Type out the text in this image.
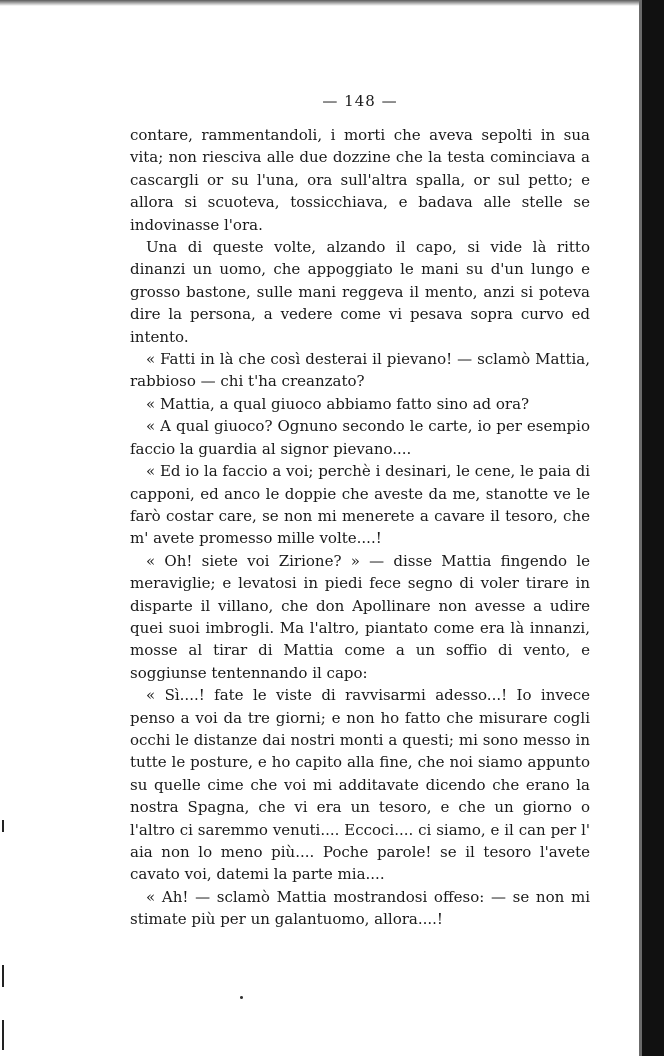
— 148 —

contare, rammentandoli, i morti che aveva sepolti in sua vita; non riesciva alle due dozzine che la testa cominciava a cascargli or su l'una, ora sull'altra spalla, or sul petto; e allora si scuoteva, tossicchiava, e badava alle stelle se indovinasse l'ora.

Una di queste volte, alzando il capo, si vide là ritto dinanzi un uomo, che appoggiato le mani su d'un lungo e grosso bastone, sulle mani reggeva il mento, anzi si poteva dire la persona, a vedere come vi pesava sopra curvo ed intento.

« Fatti in là che così desterai il pievano! — sclamò Mattia, rabbioso — chi t'ha creanzato?

« Mattia, a qual giuoco abbiamo fatto sino ad ora?

« A qual giuoco? Ognuno secondo le carte, io per esempio faccio la guardia al signor pievano....

« Ed io la faccio a voi; perchè i desinari, le cene, le paia di capponi, ed anco le doppie che aveste da me, stanotte ve le farò costar care, se non mi menerete a cavare il tesoro, che m' avete promesso mille volte....!

« Oh! siete voi Zirione? » — disse Mattia fingendo le meraviglie; e levatosi in piedi fece segno di voler tirare in disparte il villano, che don Apollinare non avesse a udire quei suoi imbrogli. Ma l'altro, piantato come era là innanzi, mosse al tirar di Mattia come a un soffio di vento, e soggiunse tentennando il capo:

« Sì....! fate le viste di ravvisarmi adesso...! Io invece penso a voi da tre giorni; e non ho fatto che misurare cogli occhi le distanze dai nostri monti a questi; mi sono messo in tutte le posture, e ho capito alla fine, che noi siamo appunto su quelle cime che voi mi additavate dicendo che erano la nostra Spagna, che vi era un tesoro, e che un giorno o l'altro ci saremmo venuti.... Eccoci.... ci siamo, e il can per l' aia non lo meno più.... Poche parole! se il tesoro l'avete cavato voi, datemi la parte mia....

« Ah! — sclamò Mattia mostrandosi offeso: — se non mi stimate più per un galantuomo, allora....!
